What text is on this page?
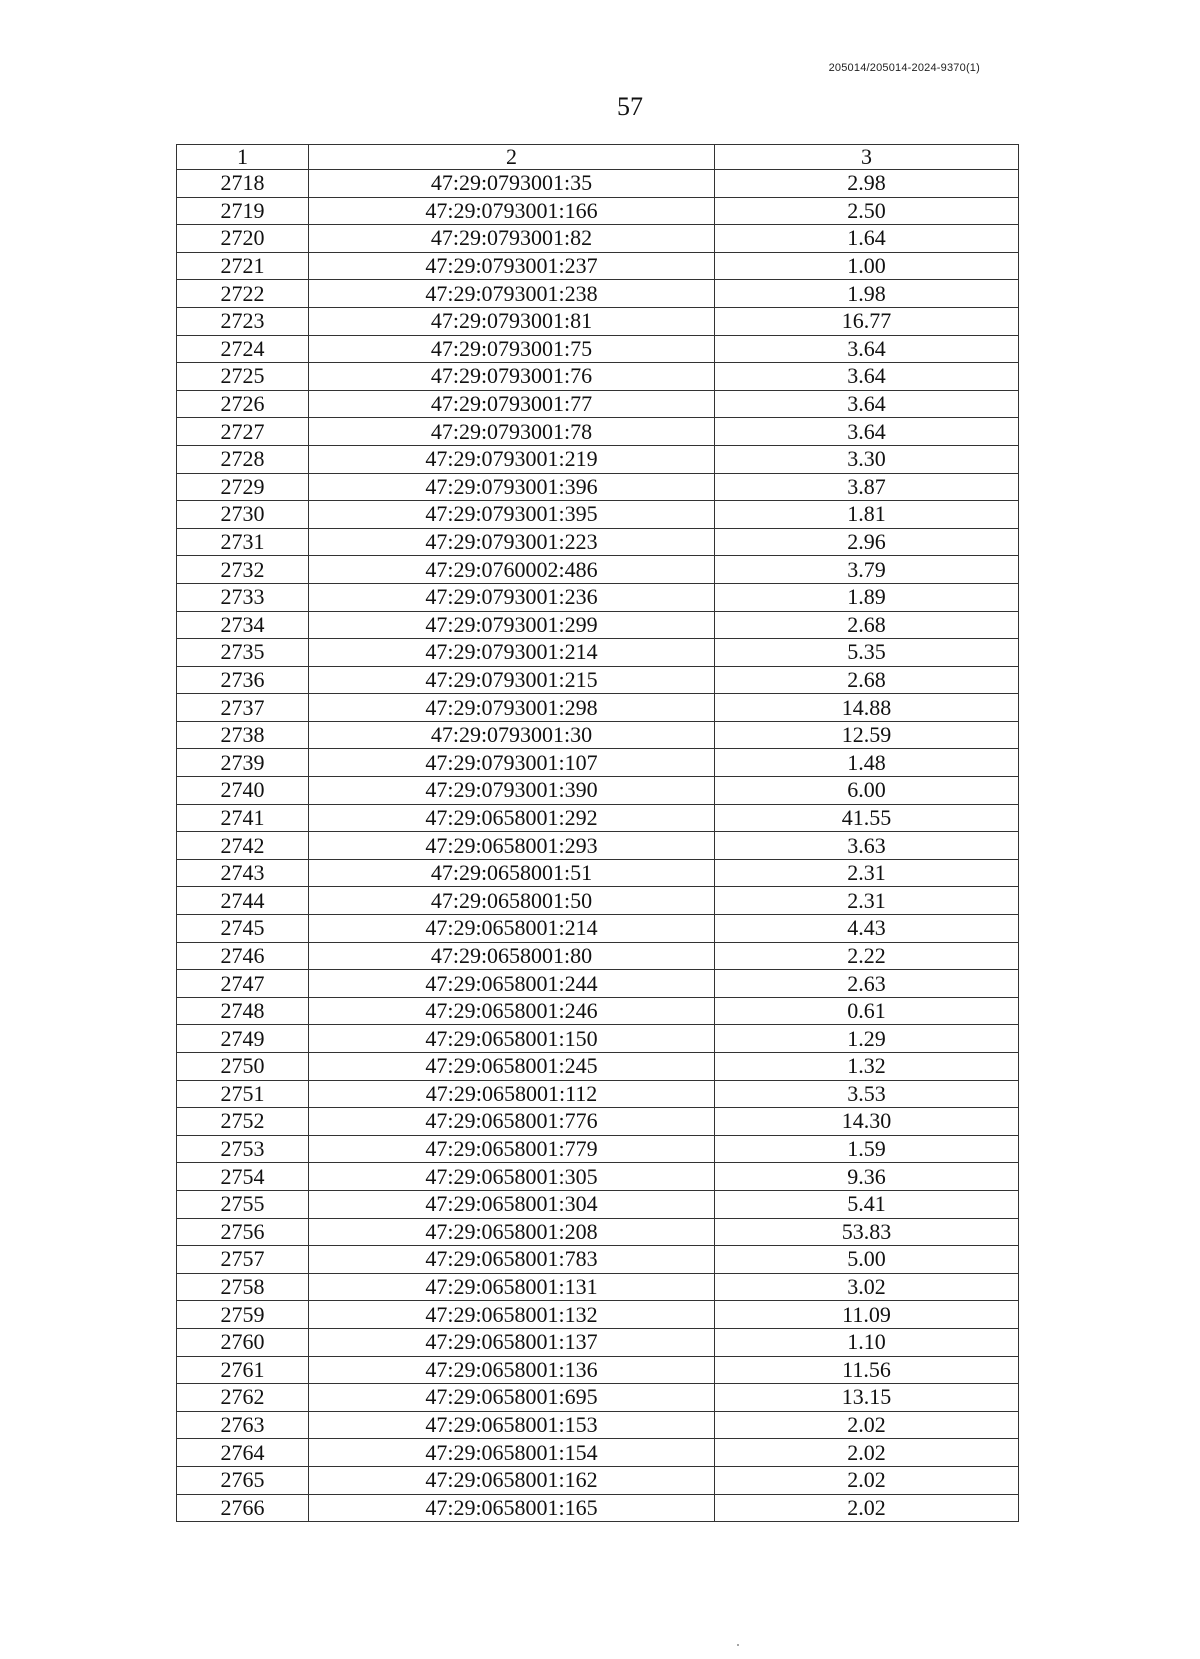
205014/205014-2024-9370(1)
57
1	2	3
2718	47:29:0793001:35	2.98
2719	47:29:0793001:166	2.50
2720	47:29:0793001:82	1.64
2721	47:29:0793001:237	1.00
2722	47:29:0793001:238	1.98
2723	47:29:0793001:81	16.77
2724	47:29:0793001:75	3.64
2725	47:29:0793001:76	3.64
2726	47:29:0793001:77	3.64
2727	47:29:0793001:78	3.64
2728	47:29:0793001:219	3.30
2729	47:29:0793001:396	3.87
2730	47:29:0793001:395	1.81
2731	47:29:0793001:223	2.96
2732	47:29:0760002:486	3.79
2733	47:29:0793001:236	1.89
2734	47:29:0793001:299	2.68
2735	47:29:0793001:214	5.35
2736	47:29:0793001:215	2.68
2737	47:29:0793001:298	14.88
2738	47:29:0793001:30	12.59
2739	47:29:0793001:107	1.48
2740	47:29:0793001:390	6.00
2741	47:29:0658001:292	41.55
2742	47:29:0658001:293	3.63
2743	47:29:0658001:51	2.31
2744	47:29:0658001:50	2.31
2745	47:29:0658001:214	4.43
2746	47:29:0658001:80	2.22
2747	47:29:0658001:244	2.63
2748	47:29:0658001:246	0.61
2749	47:29:0658001:150	1.29
2750	47:29:0658001:245	1.32
2751	47:29:0658001:112	3.53
2752	47:29:0658001:776	14.30
2753	47:29:0658001:779	1.59
2754	47:29:0658001:305	9.36
2755	47:29:0658001:304	5.41
2756	47:29:0658001:208	53.83
2757	47:29:0658001:783	5.00
2758	47:29:0658001:131	3.02
2759	47:29:0658001:132	11.09
2760	47:29:0658001:137	1.10
2761	47:29:0658001:136	11.56
2762	47:29:0658001:695	13.15
2763	47:29:0658001:153	2.02
2764	47:29:0658001:154	2.02
2765	47:29:0658001:162	2.02
2766	47:29:0658001:165	2.02
